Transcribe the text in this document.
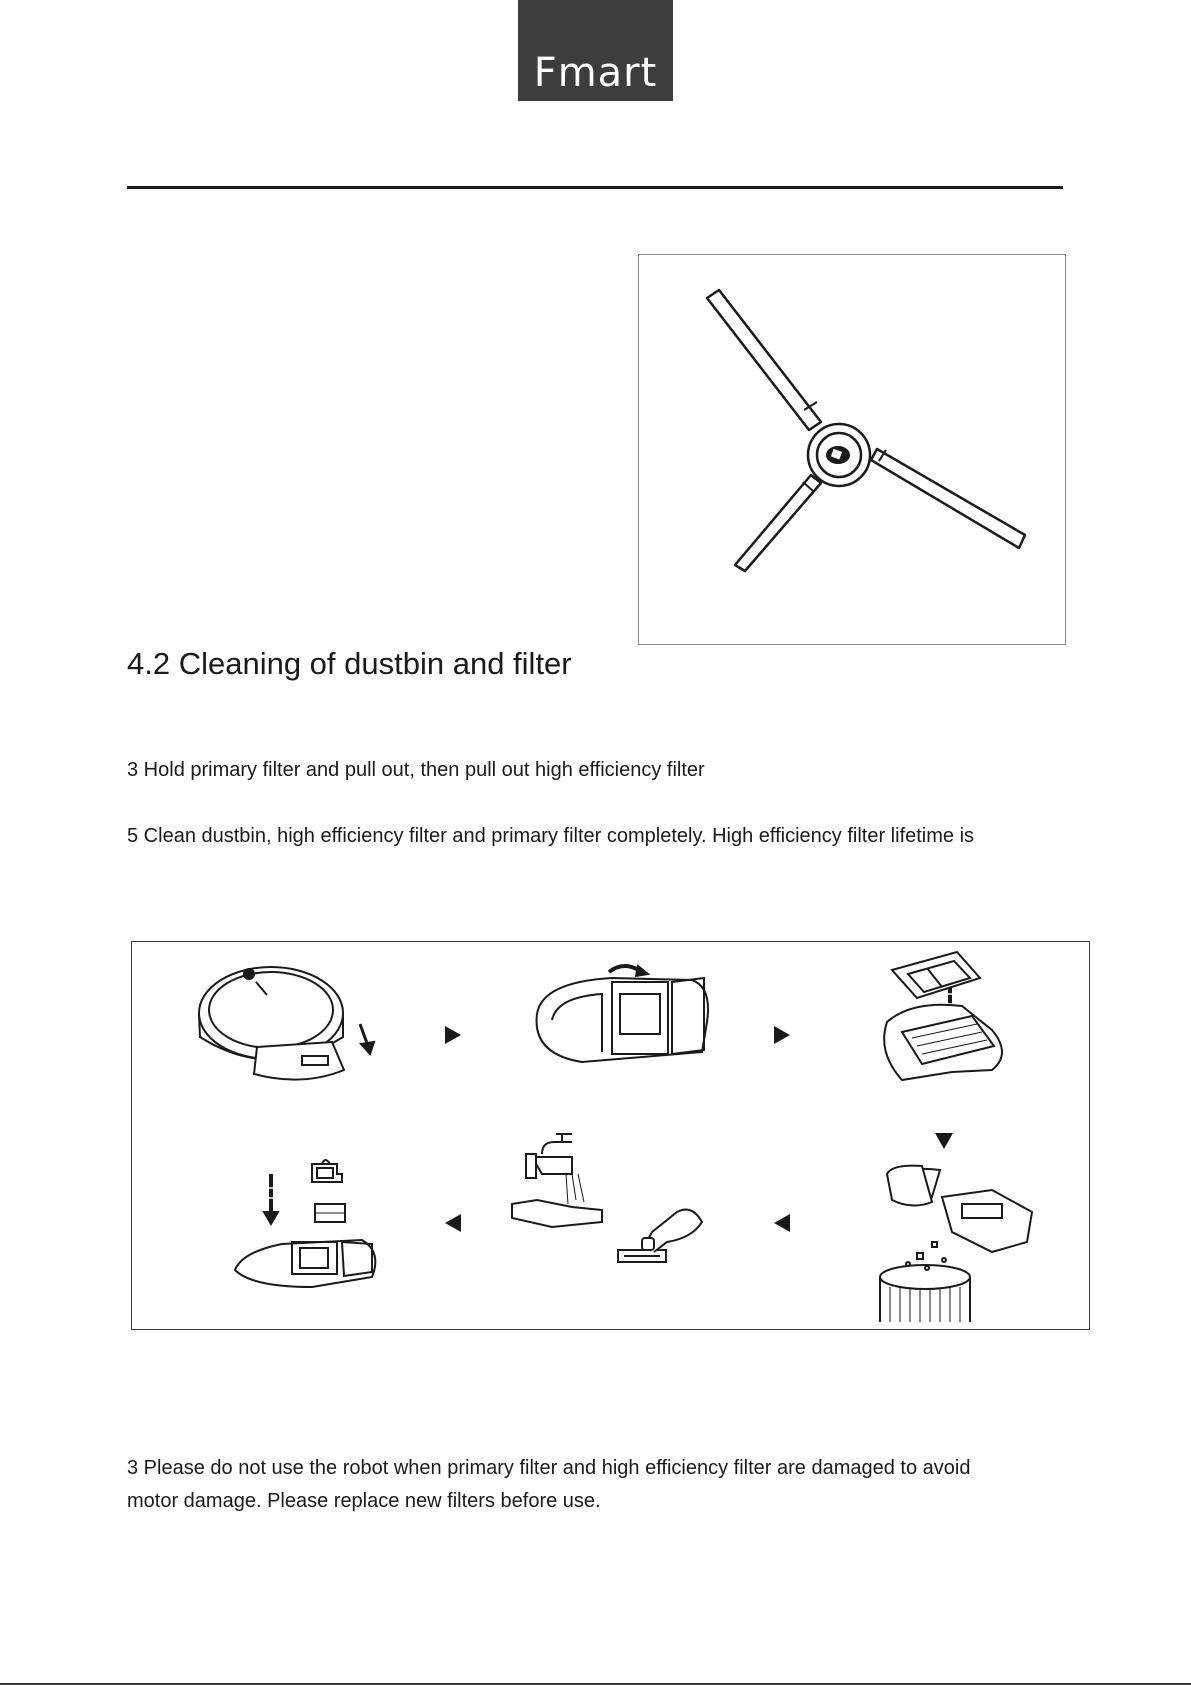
Fmart
4.2 Cleaning of dustbin and filter

3 Hold primary filter and pull out, then pull out high efficiency filter

5 Clean dustbin, high efficiency filter and primary filter completely. High efficiency filter lifetime is

3 Please do not use the robot when primary filter and high efficiency filter are damaged to avoid

motor damage. Please replace new filters before use.
